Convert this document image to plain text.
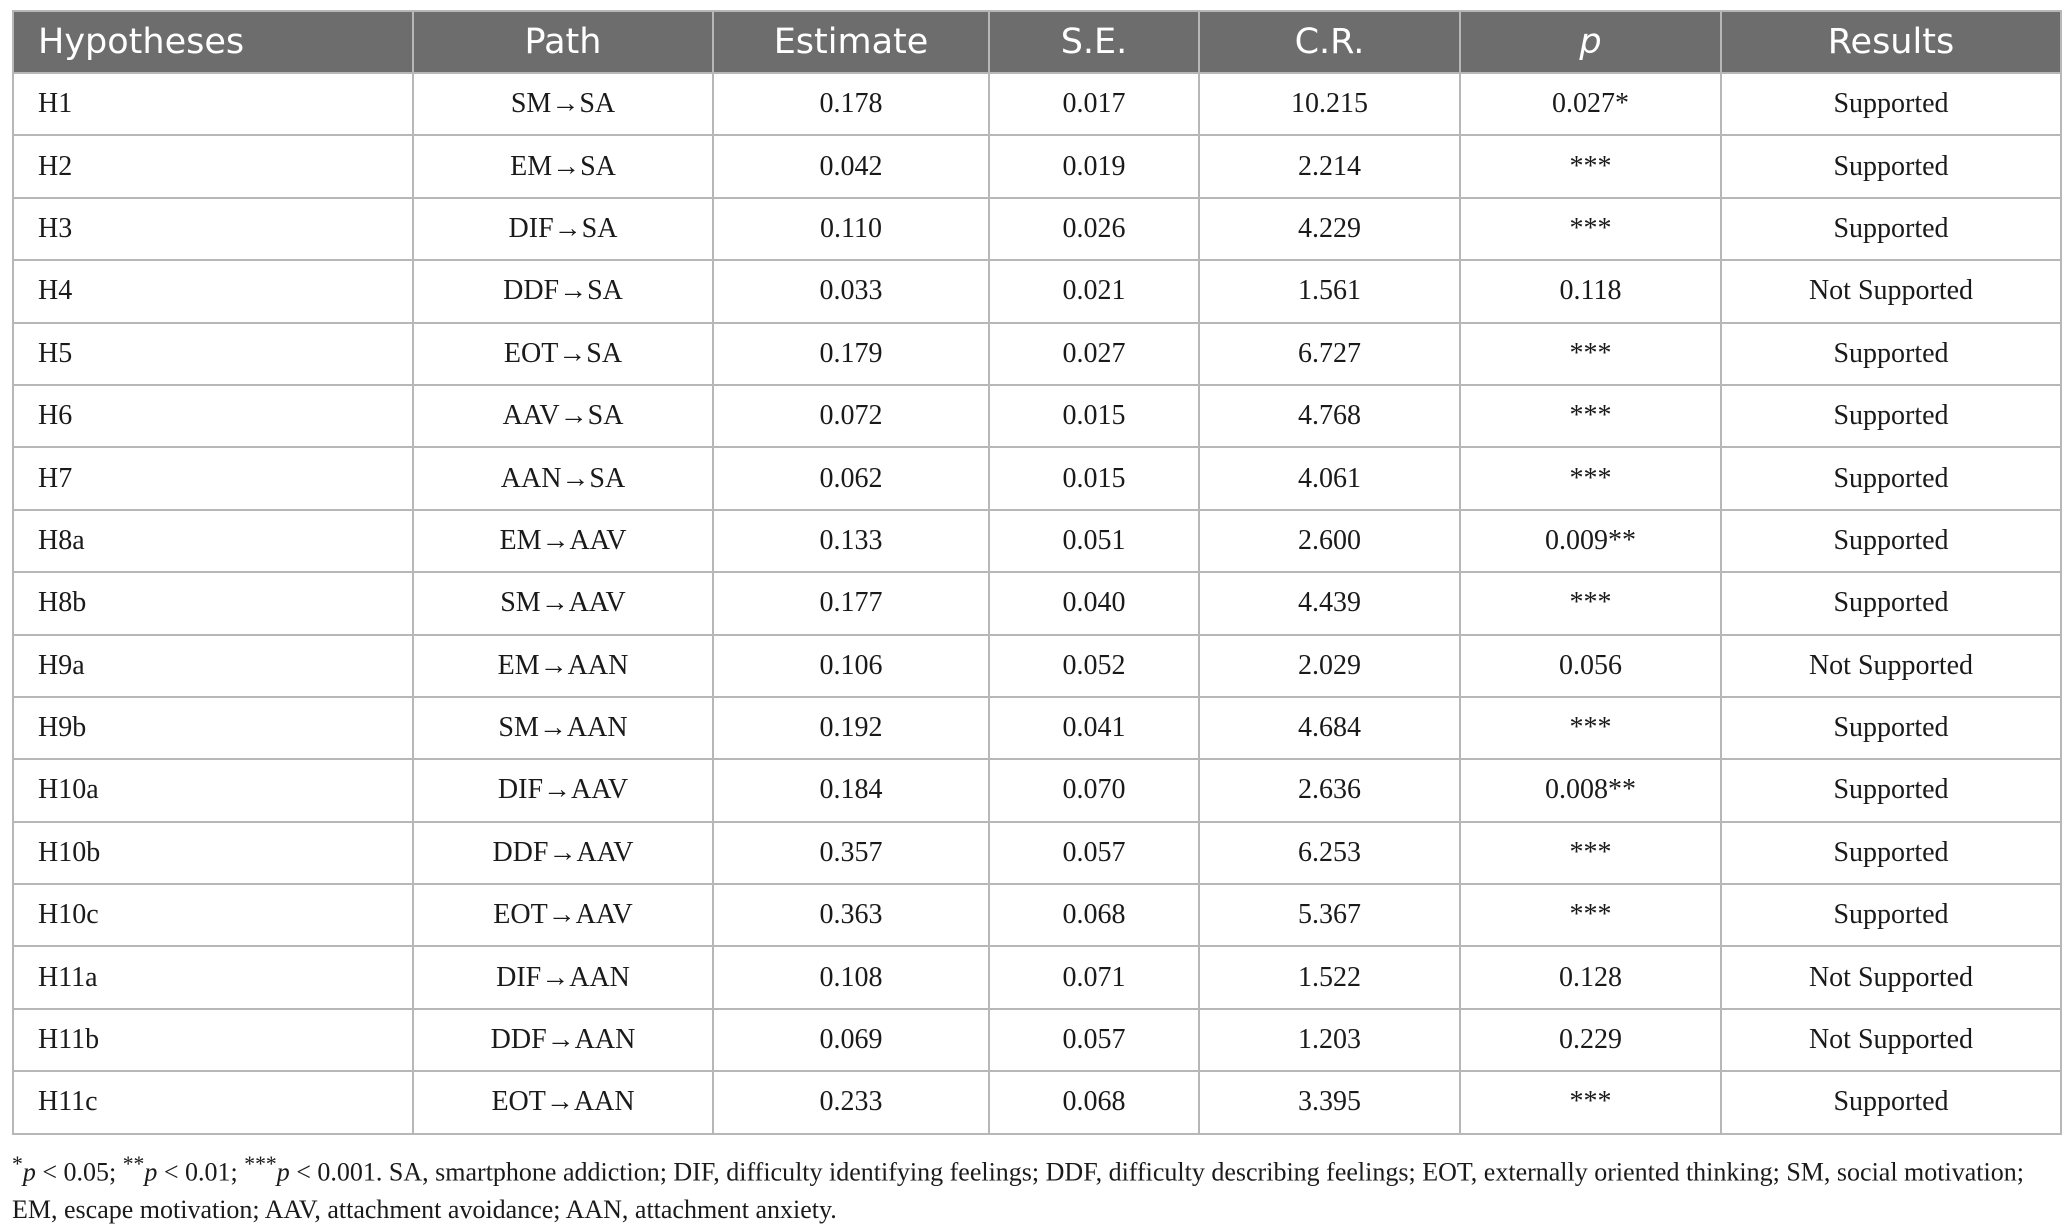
Hypotheses	Path	Estimate	S.E.	C.R.	p	Results
H1	SM→SA	0.178	0.017	10.215	0.027*	Supported
H2	EM→SA	0.042	0.019	2.214	***	Supported
H3	DIF→SA	0.110	0.026	4.229	***	Supported
H4	DDF→SA	0.033	0.021	1.561	0.118	Not Supported
H5	EOT→SA	0.179	0.027	6.727	***	Supported
H6	AAV→SA	0.072	0.015	4.768	***	Supported
H7	AAN→SA	0.062	0.015	4.061	***	Supported
H8a	EM→AAV	0.133	0.051	2.600	0.009**	Supported
H8b	SM→AAV	0.177	0.040	4.439	***	Supported
H9a	EM→AAN	0.106	0.052	2.029	0.056	Not Supported
H9b	SM→AAN	0.192	0.041	4.684	***	Supported
H10a	DIF→AAV	0.184	0.070	2.636	0.008**	Supported
H10b	DDF→AAV	0.357	0.057	6.253	***	Supported
H10c	EOT→AAV	0.363	0.068	5.367	***	Supported
H11a	DIF→AAN	0.108	0.071	1.522	0.128	Not Supported
H11b	DDF→AAN	0.069	0.057	1.203	0.229	Not Supported
H11c	EOT→AAN	0.233	0.068	3.395	***	Supported
*p < 0.05; **p < 0.01; ***p < 0.001. SA, smartphone addiction; DIF, difficulty identifying feelings; DDF, difficulty describing feelings; EOT, externally oriented thinking; SM, social motivation; EM, escape motivation; AAV, attachment avoidance; AAN, attachment anxiety.
